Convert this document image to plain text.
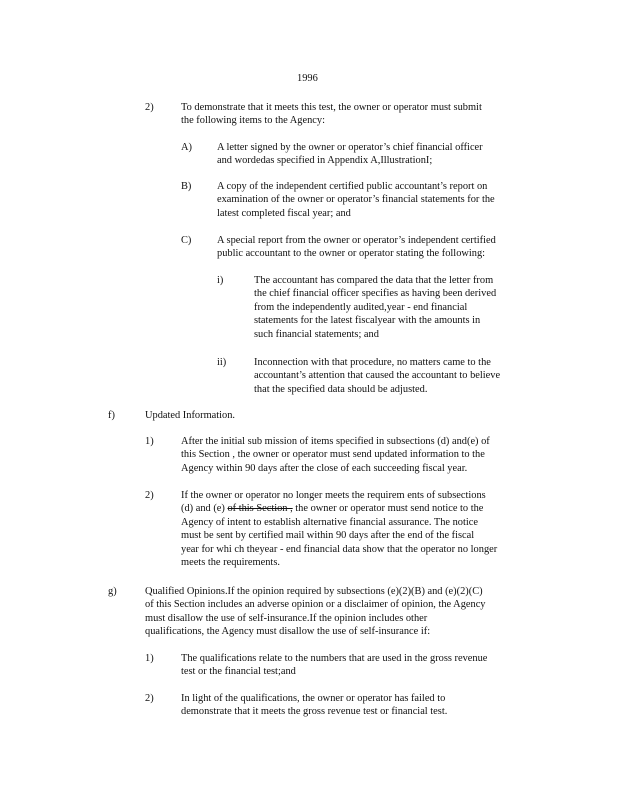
1996
2)	To demonstrate that it meets this test, the owner or operator must submit
the following items to the Agency:
A) A letter signed by the owner or operator’s chief financial officer
and wordedas specified in Appendix A,IllustrationI;
B) A copy of the independent certified public accountant’s report on
examination of the owner or operator’s financial statements for the
latest completed fiscal year; and
C) A special report from the owner or operator’s independent certified
public accountant to the owner or operator stating the following:
i)	The accountant has compared the data that the letter from
the chief financial officer specifies as having been derived
from the independently audited,year - end financial
statements for the latest fiscalyear with the amounts in
such financial statements; and
ii)	Inconnection with that procedure, no matters came to the
accountant’s attention that caused the accountant to believe
that the specified data should be adjusted.
f)	Updated Information.
1)	After the initial sub mission of items specified in subsections (d) and(e) of
this Section , the owner or operator must send updated information to the
Agency within 90 days after the close of each succeeding fiscal year.
2)	If the owner or operator no longer meets the requirem ents of subsections
(d) and (e) of this Section , the owner or operator must send notice to the
Agency of intent to establish alternative financial assurance. The notice
must be sent by certified mail within 90 days after the end of the fiscal
year for whi ch theyear - end financial data show that the operator no longer
meets the requirements.
g)	Qualified Opinions.If the opinion required by subsections (e)(2)(B) and (e)(2)(C)
of this Section includes an adverse opinion or a disclaimer of opinion, the Agency
must disallow the use of self-insurance.If the opinion includes other
qualifications, the Agency must disallow the use of self-insurance if:
1)	The qualifications relate to the numbers that are used in the gross revenue
test or the financial test;and
2)	In light of the qualifications, the owner or operator has failed to
demonstrate that it meets the gross revenue test or financial test.
